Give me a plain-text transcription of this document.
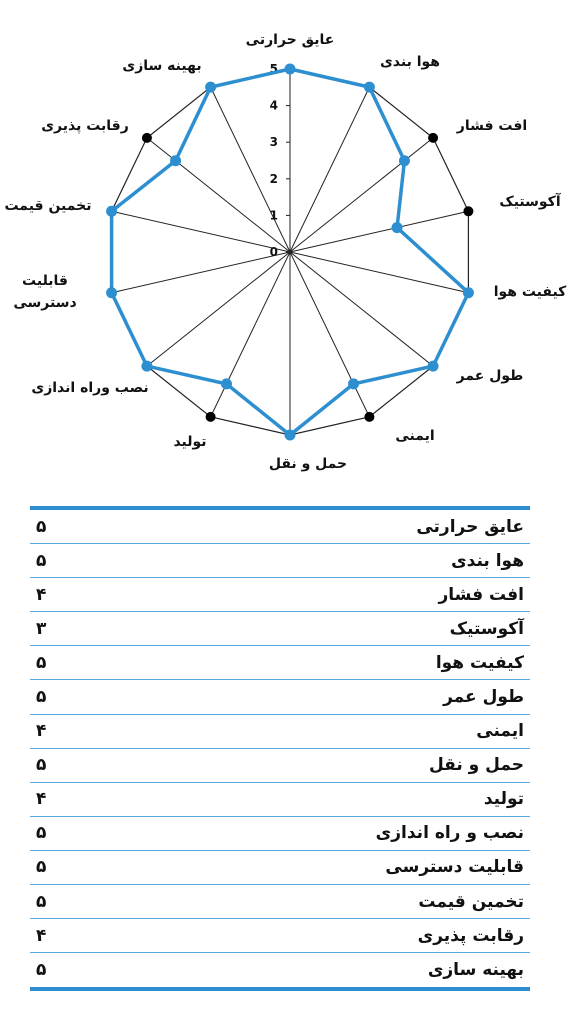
0
1
2
3
4
5
عایق حرارتی
هوا بندی
افت فشار
آکوستیک
کیفیت هوا
طول عمر
ایمنی
حمل و نقل
تولید
نصب وراه اندازی
قابلیت دسترسی
تخمین قیمت
رقابت پذیری
بهینه سازی
عایق حرارتی
۵
هوا بندی
۵
افت فشار
۴
آکوستیک
۳
کیفیت هوا
۵
طول عمر
۵
ایمنی
۴
حمل و نقل
۵
تولید
۴
نصب و راه اندازی
۵
قابلیت دسترسی
۵
تخمین قیمت
۵
رقابت پذیری
۴
بهینه سازی
۵
